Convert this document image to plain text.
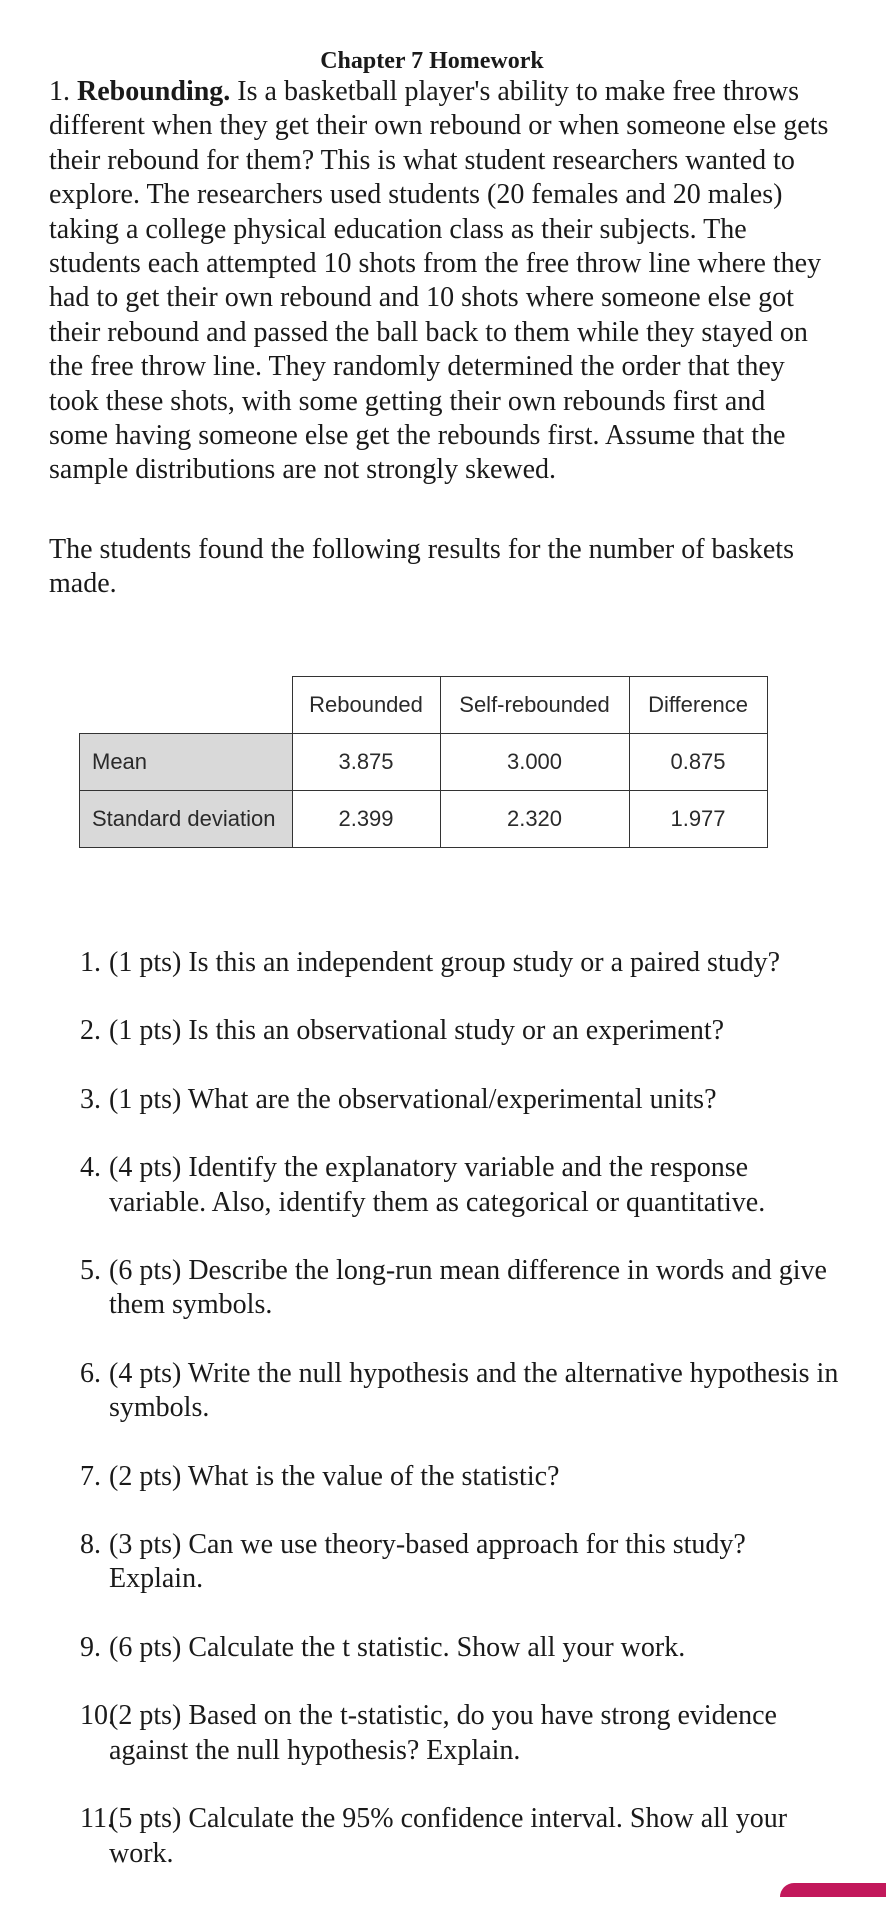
Chapter 7 Homework

1. Rebounding. Is a basketball player's ability to make free throws different when they get their own rebound or when someone else gets their rebound for them? This is what student researchers wanted to explore. The researchers used students (20 females and 20 males) taking a college physical education class as their subjects. The students each attempted 10 shots from the free throw line where they had to get their own rebound and 10 shots where someone else got their rebound and passed the ball back to them while they stayed on the free throw line. They randomly determined the order that they took these shots, with some getting their own rebounds first and some having someone else get the rebounds first. Assume that the sample distributions are not strongly skewed.

The students found the following results for the number of baskets made.

	Rebounded	Self-rebounded	Difference
Mean	3.875	3.000	0.875
Standard deviation	2.399	2.320	1.977
1. (1 pts) Is this an independent group study or a paired study?
2. (1 pts) Is this an observational study or an experiment?
3. (1 pts) What are the observational/experimental units?
4. (4 pts) Identify the explanatory variable and the response variable. Also, identify them as categorical or quantitative.
5. (6 pts) Describe the long-run mean difference in words and give them symbols.
6. (4 pts) Write the null hypothesis and the alternative hypothesis in symbols.
7. (2 pts) What is the value of the statistic?
8. (3 pts) Can we use theory-based approach for this study? Explain.
9. (6 pts) Calculate the t statistic. Show all your work.
10.
(2 pts) Based on the t-statistic, do you have strong evidence against the null hypothesis? Explain.
11.
(5 pts) Calculate the 95% confidence interval. Show all your work.
